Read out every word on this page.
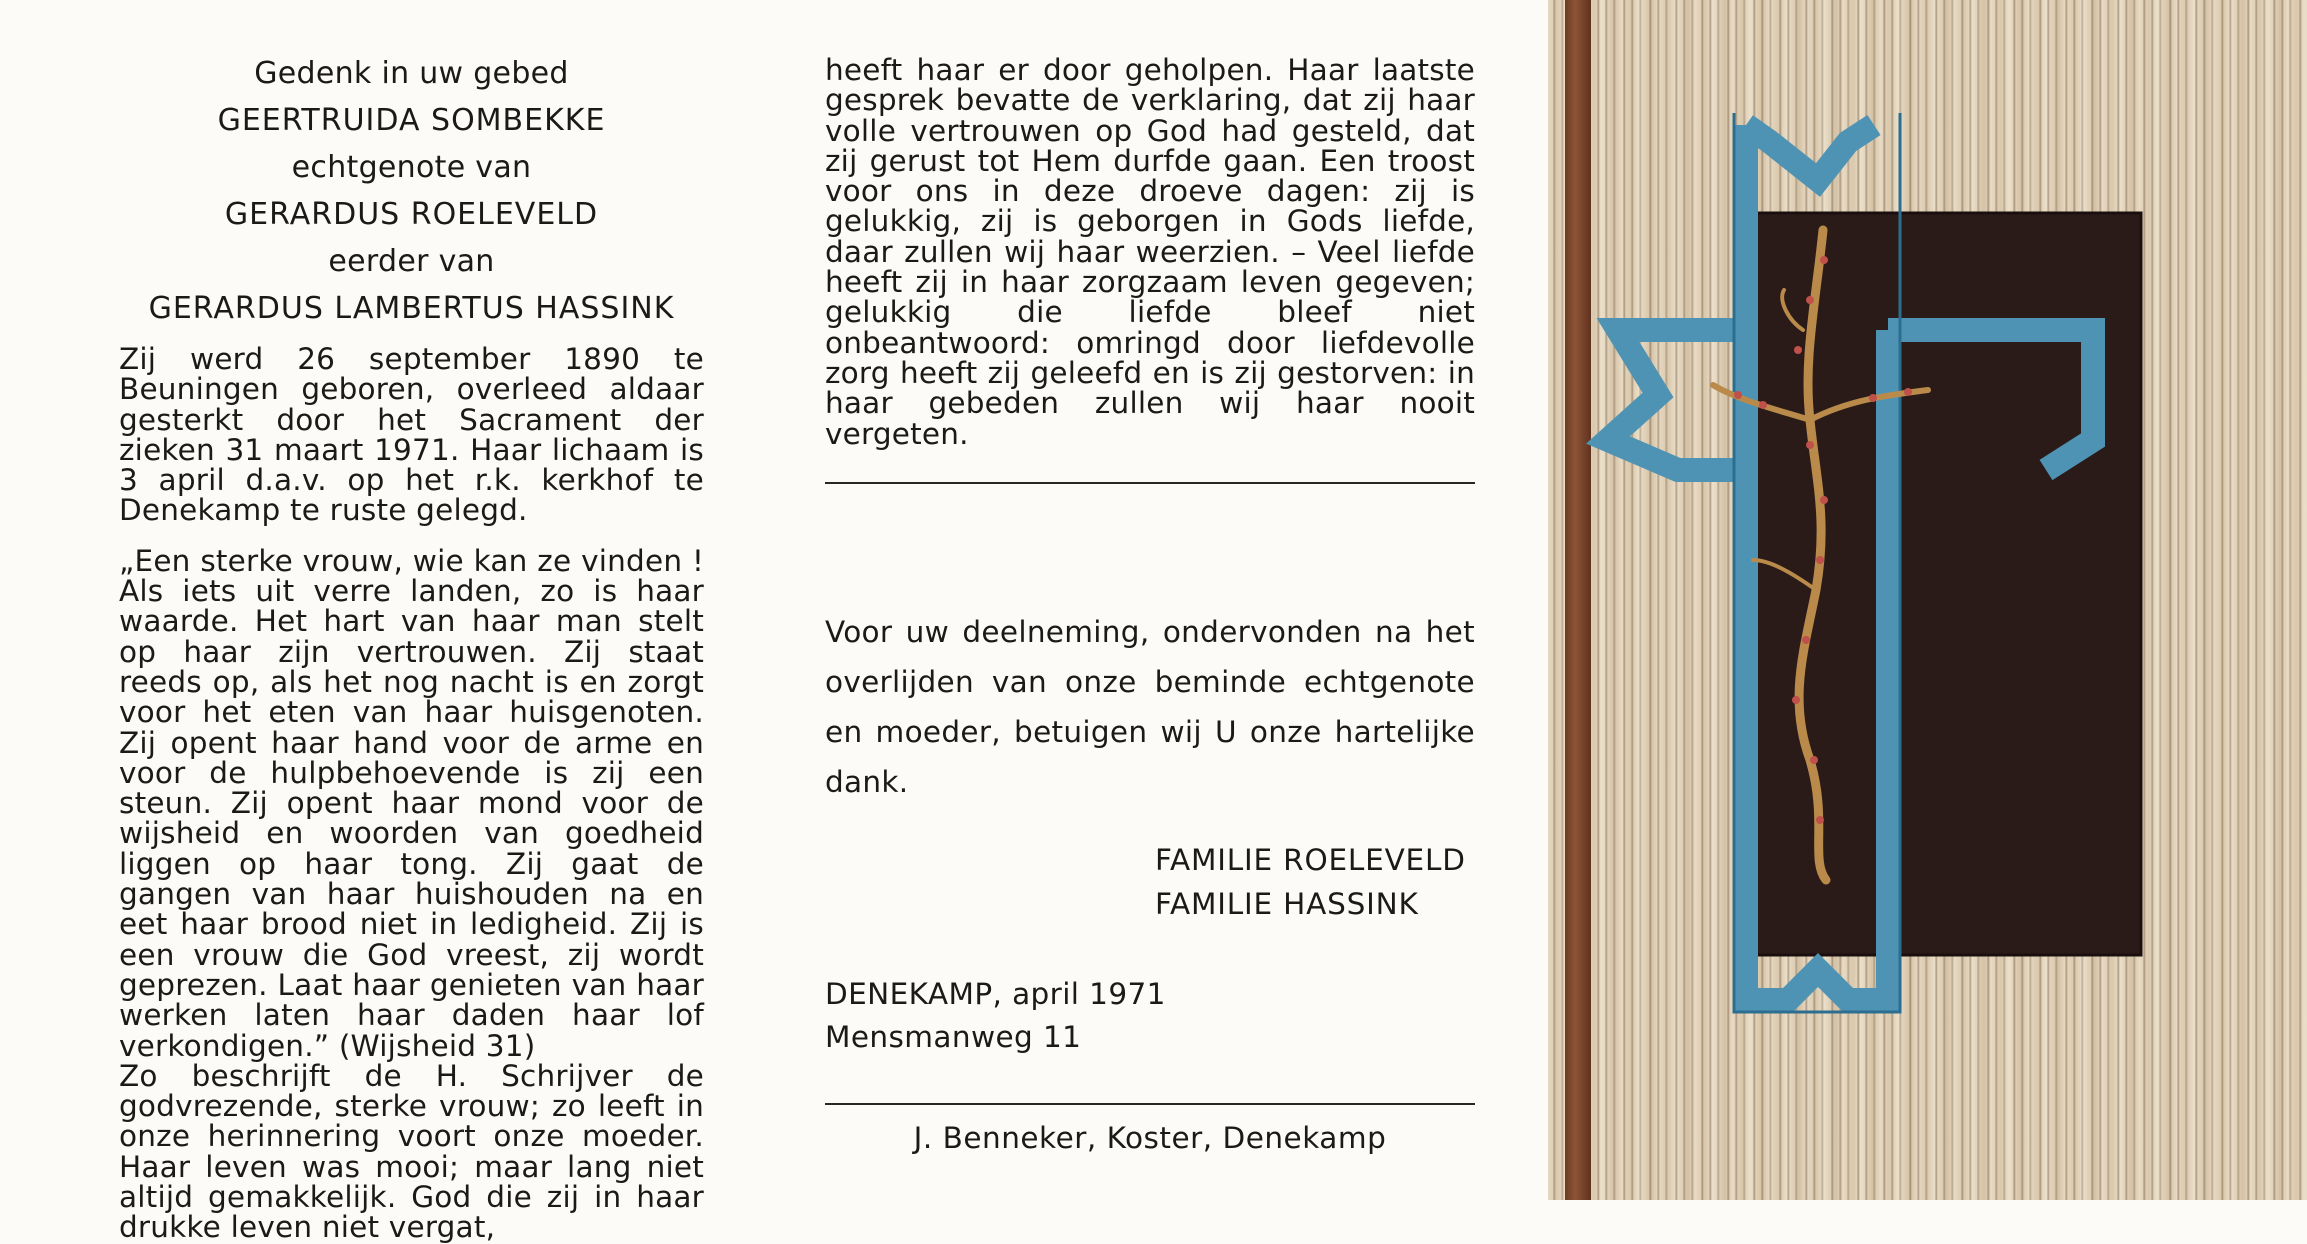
Gedenk in uw gebed
GEERTRUIDA SOMBEKKE
echtgenote van
GERARDUS ROELEVELD
eerder van
GERARDUS LAMBERTUS HASSINK

Zij werd 26 september 1890 te Beuningen geboren, overleed aldaar gesterkt door het Sacrament der zieken 31 maart 1971. Haar lichaam is 3 april d.a.v. op het r.k. kerkhof te Denekamp te ruste gelegd.

„Een sterke vrouw, wie kan ze vinden ! Als iets uit verre landen, zo is haar waarde. Het hart van haar man stelt op haar zijn vertrouwen. Zij staat reeds op, als het nog nacht is en zorgt voor het eten van haar huisgenoten. Zij opent haar hand voor de arme en voor de hulpbehoevende is zij een steun. Zij opent haar mond voor de wijsheid en woorden van goedheid liggen op haar tong. Zij gaat de gangen van haar huishouden na en eet haar brood niet in ledigheid. Zij is een vrouw die God vreest, zij wordt geprezen. Laat haar genieten van haar werken laten haar daden haar lof verkondigen.” (Wijsheid 31)

Zo beschrijft de H. Schrijver de godvrezende, sterke vrouw; zo leeft in onze herinnering voort onze moeder. Haar leven was mooi; maar lang niet altijd gemakkelijk. God die zij in haar drukke leven niet vergat,

heeft haar er door geholpen. Haar laatste gesprek bevatte de verklaring, dat zij haar volle vertrouwen op God had gesteld, dat zij gerust tot Hem durfde gaan. Een troost voor ons in deze droeve dagen: zij is gelukkig, zij is geborgen in Gods liefde, daar zullen wij haar weerzien. – Veel liefde heeft zij in haar zorgzaam leven gegeven; gelukkig die liefde bleef niet onbeantwoord: omringd door liefdevolle zorg heeft zij geleefd en is zij gestorven: in haar gebeden zullen wij haar nooit vergeten.

Voor uw deelneming, ondervonden na het overlijden van onze beminde echtgenote en moeder, betuigen wij U onze hartelijke dank.
FAMILIE ROELEVELD
FAMILIE HASSINK
DENEKAMP, april 1971
Mensmanweg 11
J. Benneker, Koster, Denekamp
